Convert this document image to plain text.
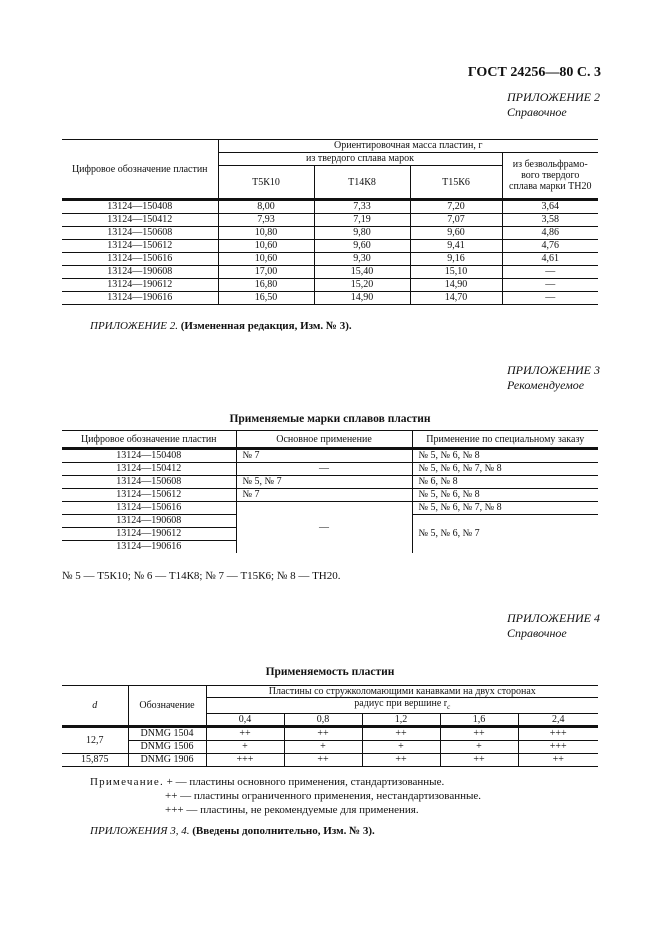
ГОСТ 24256—80 С. 3
ПРИЛОЖЕНИЕ 2
Справочное
Цифровое обозначение пластин	Ориентировочная масса пластин, г			
	из твердого сплава марок			из безвольфрамо-вого твердого сплава марки ТН20
	Т5К10	Т14К8	Т15К6	
13124—150408	8,00	7,33	7,20	3,64
13124—150412	7,93	7,19	7,07	3,58
13124—150608	10,80	9,80	9,60	4,86
13124—150612	10,60	9,60	9,41	4,76
13124—150616	10,60	9,30	9,16	4,61
13124—190608	17,00	15,40	15,10	—
13124—190612	16,80	15,20	14,90	—
13124—190616	16,50	14,90	14,70	—
ПРИЛОЖЕНИЕ 2. (Измененная редакция, Изм. № 3).
ПРИЛОЖЕНИЕ 3
Рекомендуемое
Применяемые марки сплавов пластин
Цифровое обозначение пластин	Основное применение	Применение по специальному заказу
13124—150408	№ 7	№ 5, № 6, № 8
13124—150412	—	№ 5, № 6, № 7, № 8
13124—150608	№ 5, № 7	№ 6, № 8
13124—150612	№ 7	№ 5, № 6, № 8
13124—150616	—	№ 5, № 6, № 7, № 8
13124—190608		№ 5, № 6, № 7
13124—190612		
13124—190616		
№ 5 — Т5К10; № 6 — Т14К8; № 7 — Т15К6; № 8 — ТН20.
ПРИЛОЖЕНИЕ 4
Справочное
Применяемость пластин
d	Обозначение	Пластины со стружколомающими канавками на двух сторонах				
		радиус при вершине $r_с$
		0,4	0,8	1,2	1,6	2,4
12,7	DNMG 1504	++	++	++	++	+++
	DNMG 1506	+	+	+	+	+++
15,875	DNMG 1906	+++	++	++	++	++
Примечание. + — пластины основного применения, стандартизованные.
++ — пластины ограниченного применения, нестандартизованные.
+++ — пластины, не рекомендуемые для применения.
ПРИЛОЖЕНИЯ 3, 4. (Введены дополнительно, Изм. № 3).
